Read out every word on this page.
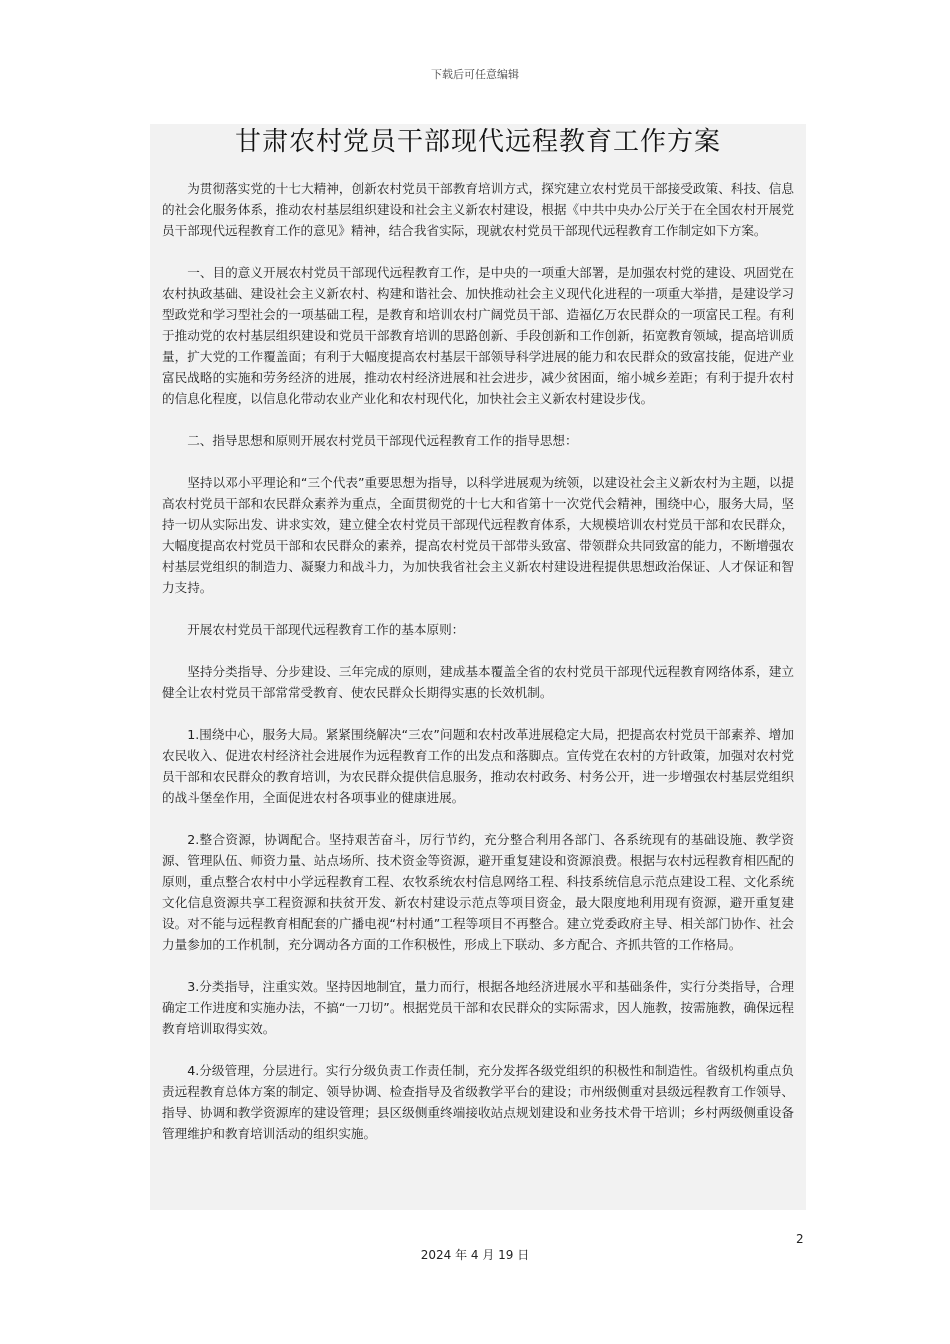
下载后可任意编辑
甘肃农村党员干部现代远程教育工作方案

为贯彻落实党的十七大精神，创新农村党员干部教育培训方式，探究建立农村党员干部接受政策、科技、信息的社会化服务体系，推动农村基层组织建设和社会主义新农村建设，根据《中共中央办公厅关于在全国农村开展党员干部现代远程教育工作的意见》精神，结合我省实际，现就农村党员干部现代远程教育工作制定如下方案。

一、目的意义开展农村党员干部现代远程教育工作，是中央的一项重大部署，是加强农村党的建设、巩固党在农村执政基础、建设社会主义新农村、构建和谐社会、加快推动社会主义现代化进程的一项重大举措，是建设学习型政党和学习型社会的一项基础工程，是教育和培训农村广阔党员干部、造福亿万农民群众的一项富民工程。有利于推动党的农村基层组织建设和党员干部教育培训的思路创新、手段创新和工作创新，拓宽教育领域，提高培训质量，扩大党的工作覆盖面；有利于大幅度提高农村基层干部领导科学进展的能力和农民群众的致富技能，促进产业富民战略的实施和劳务经济的进展，推动农村经济进展和社会进步，减少贫困面，缩小城乡差距；有利于提升农村的信息化程度，以信息化带动农业产业化和农村现代化，加快社会主义新农村建设步伐。

二、指导思想和原则开展农村党员干部现代远程教育工作的指导思想：

坚持以邓小平理论和“三个代表”重要思想为指导，以科学进展观为统领，以建设社会主义新农村为主题，以提高农村党员干部和农民群众素养为重点，全面贯彻党的十七大和省第十一次党代会精神，围绕中心，服务大局，坚持一切从实际出发、讲求实效，建立健全农村党员干部现代远程教育体系，大规模培训农村党员干部和农民群众，大幅度提高农村党员干部和农民群众的素养，提高农村党员干部带头致富、带领群众共同致富的能力，不断增强农村基层党组织的制造力、凝聚力和战斗力，为加快我省社会主义新农村建设进程提供思想政治保证、人才保证和智力支持。

开展农村党员干部现代远程教育工作的基本原则：

坚持分类指导、分步建设、三年完成的原则，建成基本覆盖全省的农村党员干部现代远程教育网络体系，建立健全让农村党员干部常常受教育、使农民群众长期得实惠的长效机制。

1.围绕中心，服务大局。紧紧围绕解决“三农”问题和农村改革进展稳定大局，把提高农村党员干部素养、增加农民收入、促进农村经济社会进展作为远程教育工作的出发点和落脚点。宣传党在农村的方针政策，加强对农村党员干部和农民群众的教育培训，为农民群众提供信息服务，推动农村政务、村务公开，进一步增强农村基层党组织的战斗堡垒作用，全面促进农村各项事业的健康进展。

2.整合资源，协调配合。坚持艰苦奋斗，厉行节约，充分整合利用各部门、各系统现有的基础设施、教学资源、管理队伍、师资力量、站点场所、技术资金等资源，避开重复建设和资源浪费。根据与农村远程教育相匹配的原则，重点整合农村中小学远程教育工程、农牧系统农村信息网络工程、科技系统信息示范点建设工程、文化系统文化信息资源共享工程资源和扶贫开发、新农村建设示范点等项目资金，最大限度地利用现有资源，避开重复建设。对不能与远程教育相配套的广播电视“村村通”工程等项目不再整合。建立党委政府主导、相关部门协作、社会力量参加的工作机制，充分调动各方面的工作积极性，形成上下联动、多方配合、齐抓共管的工作格局。

3.分类指导，注重实效。坚持因地制宜，量力而行，根据各地经济进展水平和基础条件，实行分类指导，合理确定工作进度和实施办法，不搞“一刀切”。根据党员干部和农民群众的实际需求，因人施教，按需施教，确保远程教育培训取得实效。

4.分级管理，分层进行。实行分级负责工作责任制，充分发挥各级党组织的积极性和制造性。省级机构重点负责远程教育总体方案的制定、领导协调、检查指导及省级教学平台的建设；市州级侧重对县级远程教育工作领导、指导、协调和教学资源库的建设管理；县区级侧重终端接收站点规划建设和业务技术骨干培训；乡村两级侧重设备管理维护和教育培训活动的组织实施。

2
2024 年 4 月 19 日
